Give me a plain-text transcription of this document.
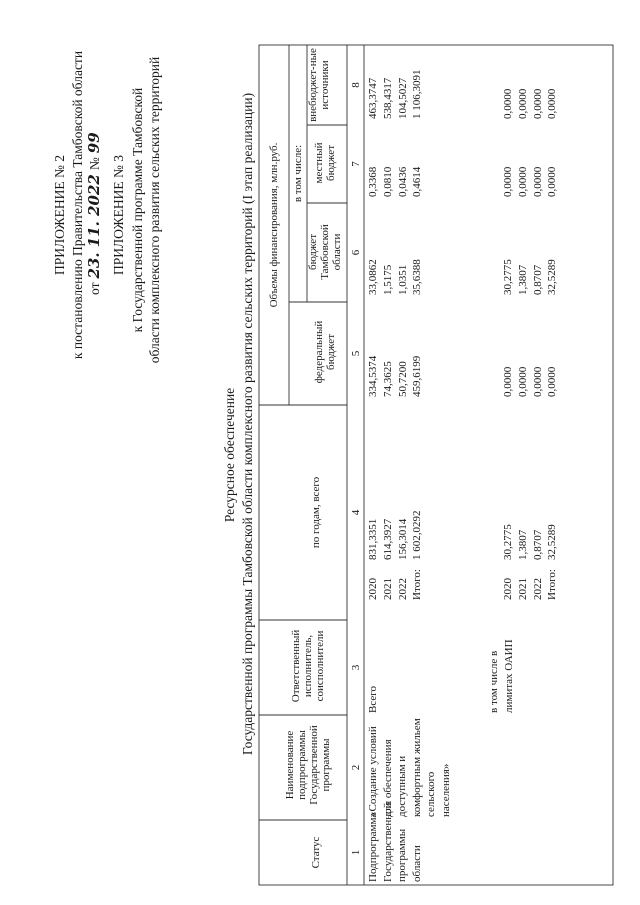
ПРИЛОЖЕНИЕ № 2 к постановлению Правительства Тамбовской области от 23. 11. 2022 № 99
ПРИЛОЖЕНИЕ № 3 к Государственной программе Тамбовской области комплексного развития сельских территорий
Ресурсное обеспечение Государственной программы Тамбовской области комплексного развития сельских территорий (I этап реализации)
Статус
Наименование подпрограммы Государственной программы
Ответственный исполнитель, соисполнители
по годам, всего
Объемы финансирования, млн.руб. в том числе:
федеральный бюджет
бюджет Тамбовской области
местный бюджет
внебюджет-ные источники
1
2
3
4
5
6
7
8
Подпрограмма Государственной программы области
«Создание условий для обеспечения доступным и комфортным жильем сельского населения»
Всего
2020 2021 2022 Итого:
831,3351 614,3927 156,3014 1 602,0292
334,5374 74,3625 50,7200 459,6199
33,0862 1,5175 1,0351 35,6388
0,3368 0,0810 0,0436 0,4614
463,3747 538,4317 104,5027 1 106,3091
в том числе в лимитах ОАИП
2020 2021 2022 Итого:
30,2775 1,3807 0,8707 32,5289
0,0000 0,0000 0,0000 0,0000
30,2775 1,3807 0,8707 32,5289
0,0000 0,0000 0,0000 0,0000
0,0000 0,0000 0,0000 0,0000
